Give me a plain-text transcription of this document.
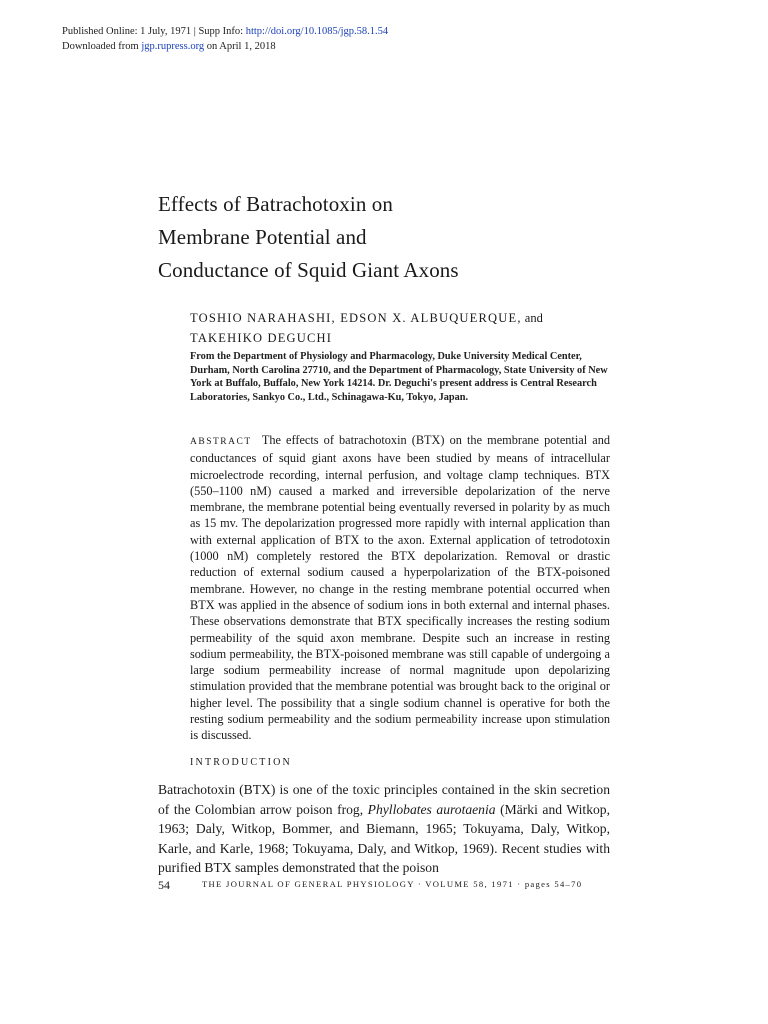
Published Online: 1 July, 1971 | Supp Info: http://doi.org/10.1085/jgp.58.1.54
Downloaded from jgp.rupress.org on April 1, 2018
Effects of Batrachotoxin on
Membrane Potential and
Conductance of Squid Giant Axons
TOSHIO NARAHASHI, EDSON X. ALBUQUERQUE, and
TAKEHIKO DEGUCHI
From the Department of Physiology and Pharmacology, Duke University Medical Center, Durham, North Carolina 27710, and the Department of Pharmacology, State University of New York at Buffalo, Buffalo, New York 14214. Dr. Deguchi's present address is Central Research Laboratories, Sankyo Co., Ltd., Schinagawa-Ku, Tokyo, Japan.
ABSTRACT The effects of batrachotoxin (BTX) on the membrane potential and conductances of squid giant axons have been studied by means of intracellular microelectrode recording, internal perfusion, and voltage clamp techniques. BTX (550–1100 nM) caused a marked and irreversible depolarization of the nerve membrane, the membrane potential being eventually reversed in polarity by as much as 15 mv. The depolarization progressed more rapidly with internal application than with external application of BTX to the axon. External application of tetrodotoxin (1000 nM) completely restored the BTX depolarization. Removal or drastic reduction of external sodium caused a hyperpolarization of the BTX-poisoned membrane. However, no change in the resting membrane potential occurred when BTX was applied in the absence of sodium ions in both external and internal phases. These observations demonstrate that BTX specifically increases the resting sodium permeability of the squid axon membrane. Despite such an increase in resting sodium permeability, the BTX-poisoned membrane was still capable of undergoing a large sodium permeability increase of normal magnitude upon depolarizing stimulation provided that the membrane potential was brought back to the original or higher level. The possibility that a single sodium channel is operative for both the resting sodium permeability and the sodium permeability increase upon stimulation is discussed.
INTRODUCTION
Batrachotoxin (BTX) is one of the toxic principles contained in the skin secretion of the Colombian arrow poison frog, Phyllobates aurotaenia (Märki and Witkop, 1963; Daly, Witkop, Bommer, and Biemann, 1965; Tokuyama, Daly, Witkop, Karle, and Karle, 1968; Tokuyama, Daly, and Witkop, 1969). Recent studies with purified BTX samples demonstrated that the poison
54	THE JOURNAL OF GENERAL PHYSIOLOGY · VOLUME 58, 1971 · pages 54–70
